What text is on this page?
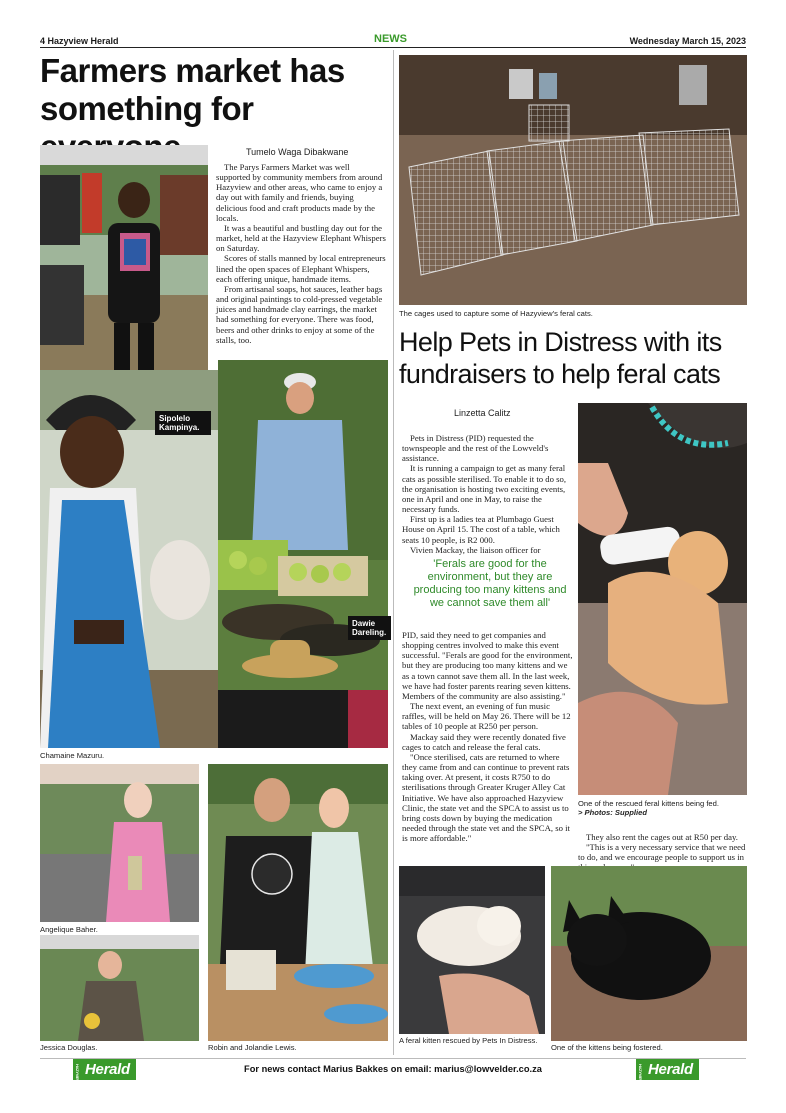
4 Hazyview Herald	NEWS	Wednesday March 15, 2023
Farmers market has something for
Tumelo Waga Dibakwane

The Parys Farmers Market was well supported by community members from around Hazyview and other areas, who came to enjoy a day out with family and friends, buying delicious food and craft products made by the locals.

It was a beautiful and bustling day out for the market, held at the Hazyview Elephant Whispers on Saturday.

Scores of stalls manned by local entrepreneurs lined the open spaces of Elephant Whispers, each offering unique, handmade items.

From artisanal soaps, hot sauces, leather bags and original paintings to cold-pressed vegetable juices and handmade clay earrings, the market had something for everyone. There was food, beers and other drinks to enjoy at some of the stalls, too.

Sipolelo Kampinya.
Chamaine Mazuru.
Dawie Dareling.
Angelique Baher.
Jessica Douglas.	Robin and Jolandie Lewis.
The cages used to capture some of Hazyview's feral cats.
Help Pets in Distress with its fundraisers to help feral cats
Linzetta Calitz

Pets in Distress (PID) requested the townspeople and the rest of the Lowveld's assistance.

It is running a campaign to get as many feral cats as possible sterilised. To enable it to do so, the organisation is hosting two exciting events, one in April and one in May, to raise the necessary funds.

First up is a ladies tea at Plumbago Guest House on April 15. The cost of a table, which seats 10 people, is R2 000.

Vivien Mackay, the liaison officer for

'Ferals are good for the environment, but they are producing too many kittens and we cannot save them all'

PID, said they need to get companies and shopping centres involved to make this event successful. "Ferals are good for the environment, but they are producing too many kittens and we as a town cannot save them all. In the last week, we have had foster parents rearing seven kittens. Members of the community are also assisting."

The next event, an evening of fun music raffles, will be held on May 26. There will be 12 tables of 10 people at R250 per person.

Mackay said they were recently donated five cages to catch and release the feral cats.

"Once sterilised, cats are returned to where they came from and can continue to prevent rats taking over. At present, it costs R750 to do sterilisations through Greater Kruger Alley Cat Initiative. We have also approached Hazyview Clinic, the state vet and the SPCA to assist us to bring costs down by buying the medication needed through the state vet and the SPCA, so it is more affordable."

One of the rescued feral kittens being fed.
> Photos: Supplied

They also rent the cages out at R50 per day.

"This is a very necessary service that we need to do, and we encourage people to support us in

A feral kitten rescued by Pets In Distress.
One of the kittens being fostered.
HAZYVIEW Herald	For news contact Marius Bakkes on email: marius@lowvelder.co.za	HAZYVIEW Herald
